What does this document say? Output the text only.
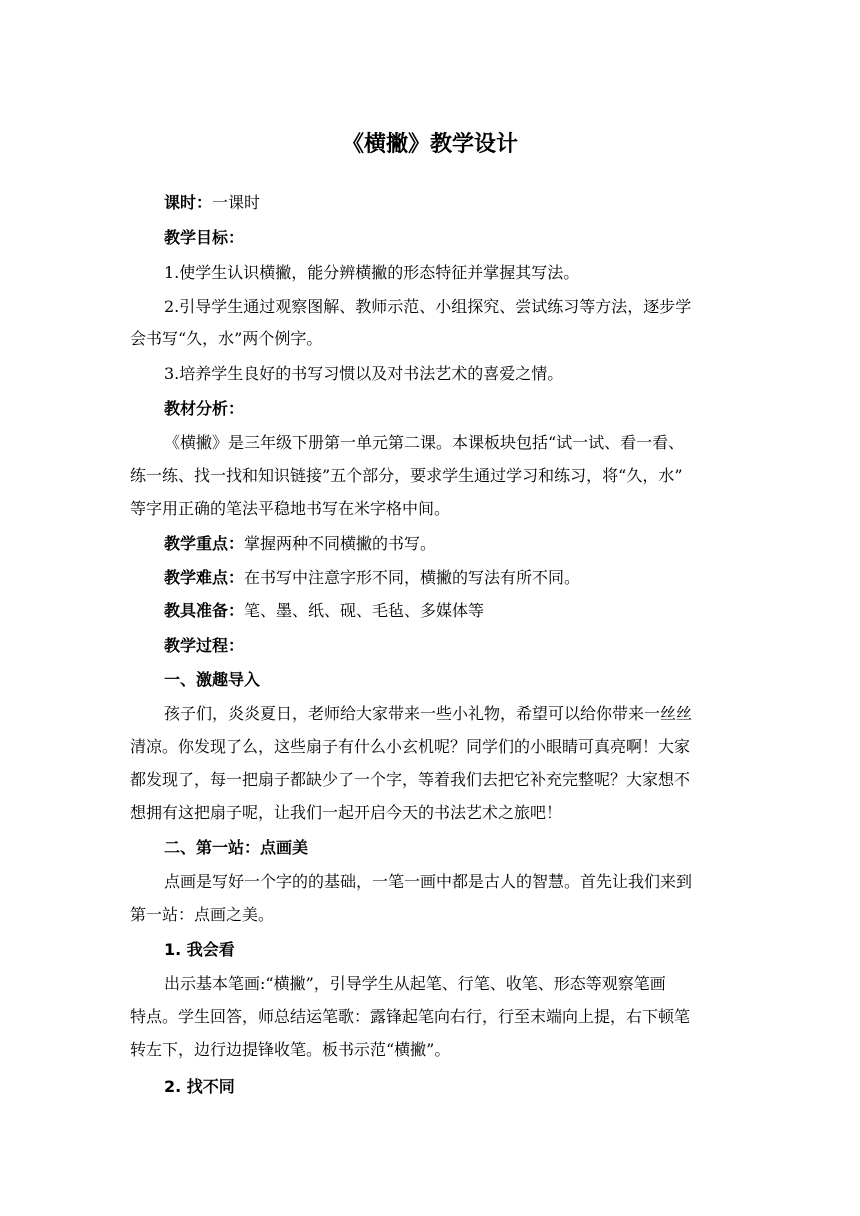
《横撇》教学设计
课时：一课时
教学目标：
1.使学生认识横撇，能分辨横撇的形态特征并掌握其写法。
2.引导学生通过观察图解、教师示范、小组探究、尝试练习等方法，逐步学
会书写“久，水”两个例字。
3.培养学生良好的书写习惯以及对书法艺术的喜爱之情。
教材分析：
《横撇》是三年级下册第一单元第二课。本课板块包括“试一试、看一看、
练一练、找一找和知识链接”五个部分，要求学生通过学习和练习，将“久，水”
等字用正确的笔法平稳地书写在米字格中间。
教学重点：掌握两种不同横撇的书写。
教学难点：在书写中注意字形不同，横撇的写法有所不同。
教具准备：笔、墨、纸、砚、毛毡、多媒体等
教学过程：
一、激趣导入
孩子们，炎炎夏日，老师给大家带来一些小礼物，希望可以给你带来一丝丝
清凉。你发现了么，这些扇子有什么小玄机呢？同学们的小眼睛可真亮啊！大家
都发现了，每一把扇子都缺少了一个字，等着我们去把它补充完整呢？大家想不
想拥有这把扇子呢，让我们一起开启今天的书法艺术之旅吧！
二、第一站：点画美
点画是写好一个字的的基础，一笔一画中都是古人的智慧。首先让我们来到
第一站：点画之美。
1. 我会看
出示基本笔画:“横撇”，引导学生从起笔、行笔、收笔、形态等观察笔画
特点。学生回答，师总结运笔歌：露锋起笔向右行，行至末端向上提，右下顿笔
转左下，边行边提锋收笔。板书示范“横撇”。
2. 找不同
